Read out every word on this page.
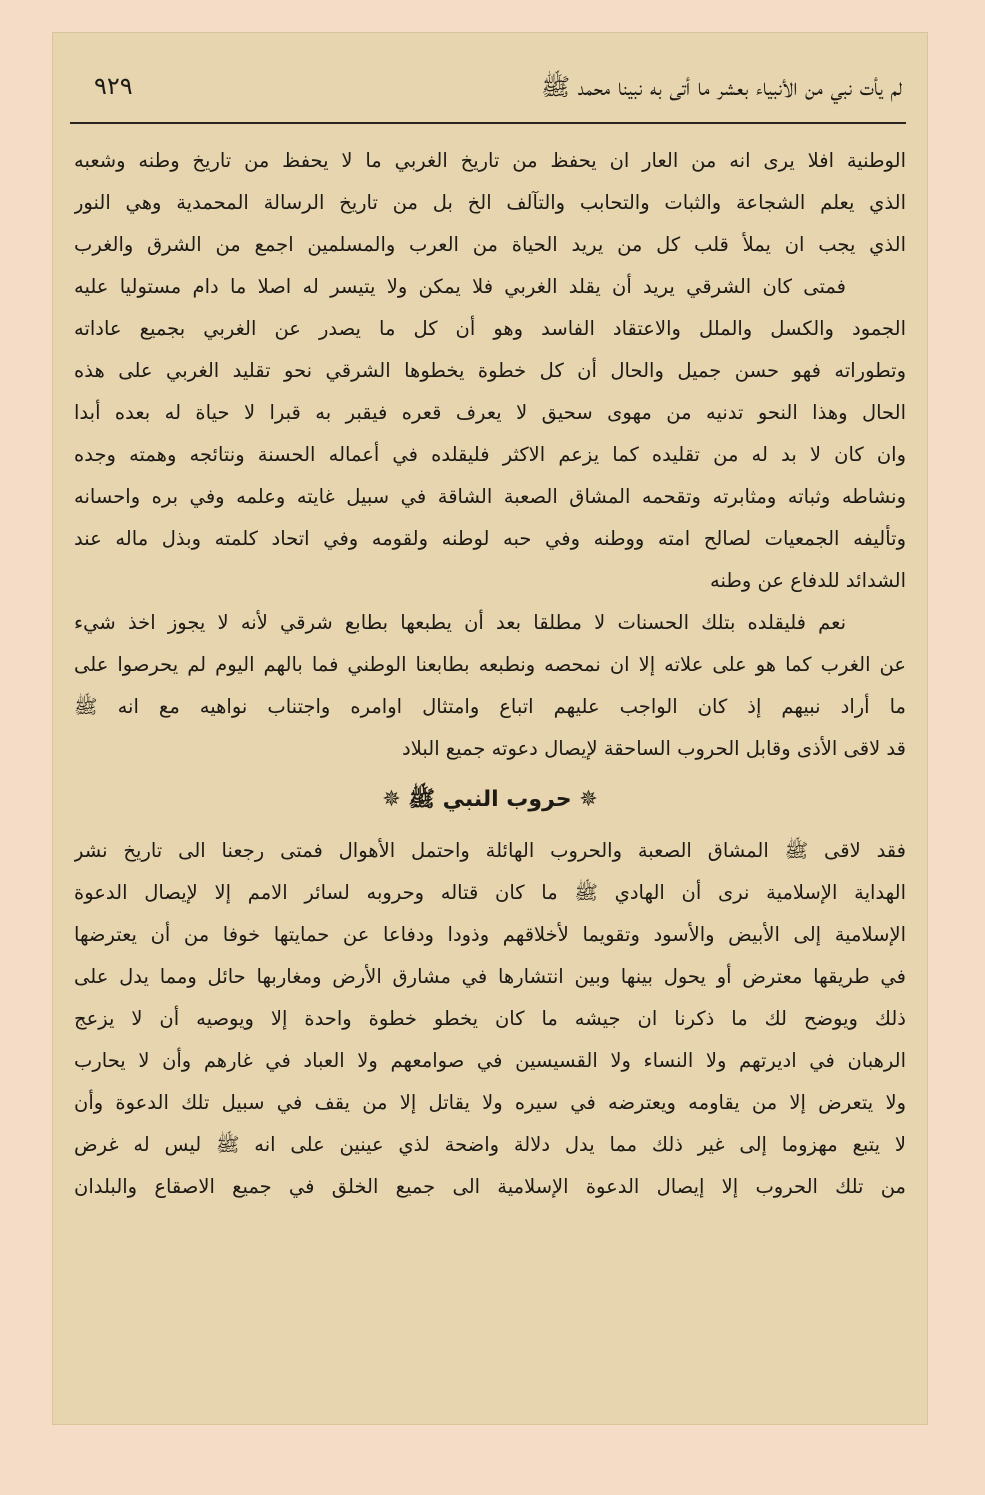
لم يأت نبي من الأنبياء بعشر ما أتى به نبينا محمد ﷺ
٩٢٩
الوطنية افلا يرى انه من العار ان يحفظ من تاريخ الغربي ما لا يحفظ من تاريخ وطنه وشعبه
الذي يعلم الشجاعة والثبات والتحابب والتآلف الخ بل من تاريخ الرسالة المحمدية وهي النور
الذي يجب ان يملأ قلب كل من يريد الحياة من العرب والمسلمين اجمع من الشرق والغرب
فمتى كان الشرقي يريد أن يقلد الغربي فلا يمكن ولا يتيسر له اصلا ما دام مستوليا عليه
الجمود والكسل والملل والاعتقاد الفاسد وهو أن كل ما يصدر عن الغربي بجميع عاداته
وتطوراته فهو حسن جميل والحال أن كل خطوة يخطوها الشرقي نحو تقليد الغربي على هذه
الحال وهذا النحو تدنيه من مهوى سحيق لا يعرف قعره فيقبر به قبرا لا حياة له بعده أبدا
وان كان لا بد له من تقليده كما يزعم الاكثر فليقلده في أعماله الحسنة ونتائجه وهمته وجده
ونشاطه وثباته ومثابرته وتقحمه المشاق الصعبة الشاقة في سبيل غايته وعلمه وفي بره واحسانه
وتأليفه الجمعيات لصالح امته ووطنه وفي حبه لوطنه ولقومه وفي اتحاد كلمته وبذل ماله عند
الشدائد للدفاع عن وطنه
نعم فليقلده بتلك الحسنات لا مطلقا بعد أن يطبعها بطابع شرقي لأنه لا يجوز اخذ شيء
عن الغرب كما هو على علاته إلا ان نمحصه ونطبعه بطابعنا الوطني فما بالهم اليوم لم يحرصوا على
ما أراد نبيهم إذ كان الواجب عليهم اتباع وامتثال اوامره واجتناب نواهيه مع انه ﷺ
قد لاقى الأذى وقابل الحروب الساحقة لإيصال دعوته جميع البلاد
✵ حروب النبي ﷺ ✵
فقد لاقى ﷺ المشاق الصعبة والحروب الهائلة واحتمل الأهوال فمتى رجعنا الى تاريخ نشر
الهداية الإسلامية نرى أن الهادي ﷺ ما كان قتاله وحروبه لسائر الامم إلا لإيصال الدعوة
الإسلامية إلى الأبيض والأسود وتقويما لأخلاقهم وذودا ودفاعا عن حمايتها خوفا من أن يعترضها
في طريقها معترض أو يحول بينها وبين انتشارها في مشارق الأرض ومغاربها حائل ومما يدل على
ذلك ويوضح لك ما ذكرنا ان جيشه ما كان يخطو خطوة واحدة إلا ويوصيه أن لا يزعج
الرهبان في اديرتهم ولا النساء ولا القسيسين في صوامعهم ولا العباد في غارهم وأن لا يحارب
ولا يتعرض إلا من يقاومه ويعترضه في سيره ولا يقاتل إلا من يقف في سبيل تلك الدعوة وأن
لا يتبع مهزوما إلى غير ذلك مما يدل دلالة واضحة لذي عينين على انه ﷺ ليس له غرض
من تلك الحروب إلا إيصال الدعوة الإسلامية الى جميع الخلق في جميع الاصقاع والبلدان
